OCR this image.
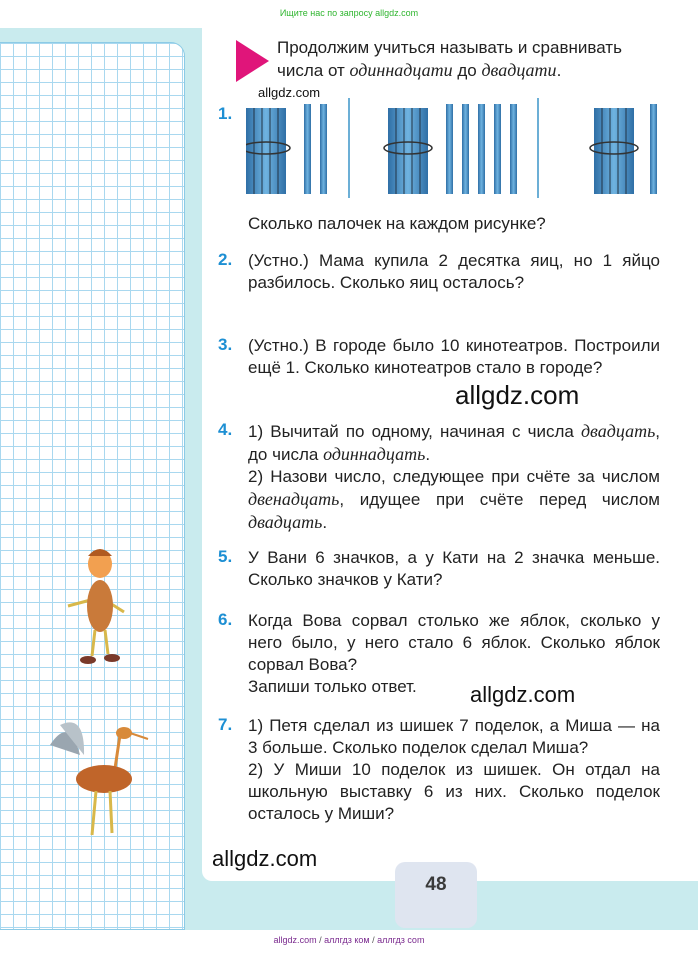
Ищите нас по запросу allgdz.com
Продолжим учиться называть и сравнивать
числа от одиннадцати до двадцати.
allgdz.com
1.
Сколько палочек на каждом рисунке?
2. (Устно.) Мама купила 2 десятка яиц, но 1 яйцо разбилось. Сколько яиц осталось?

3. (Устно.) В городе было 10 кинотеатров. Построили ещё 1. Сколько кинотеатров стало в городе?

allgdz.com
4. 1) Вычитай по одному, начиная с числа двадцать, до числа одиннадцать.

2) Назови число, следующее при счёте за числом двенадцать, идущее при счёте перед числом двадцать.

5. У Вани 6 значков, а у Кати на 2 значка меньше. Сколько значков у Кати?

6. Когда Вова сорвал столько же яблок, сколько у него было, у него стало 6 яблок. Сколько яблок сорвал Вова?

Запиши только ответ.	allgdz.com
7. 1) Петя сделал из шишек 7 поделок, а Миша — на 3 больше. Сколько поделок сделал Миша?

2) У Миши 10 поделок из шишек. Он отдал на школьную выставку 6 из них. Сколько поделок осталось у Миши?

allgdz.com
48
allgdz.com / аллгдз ком / аллгдз com
